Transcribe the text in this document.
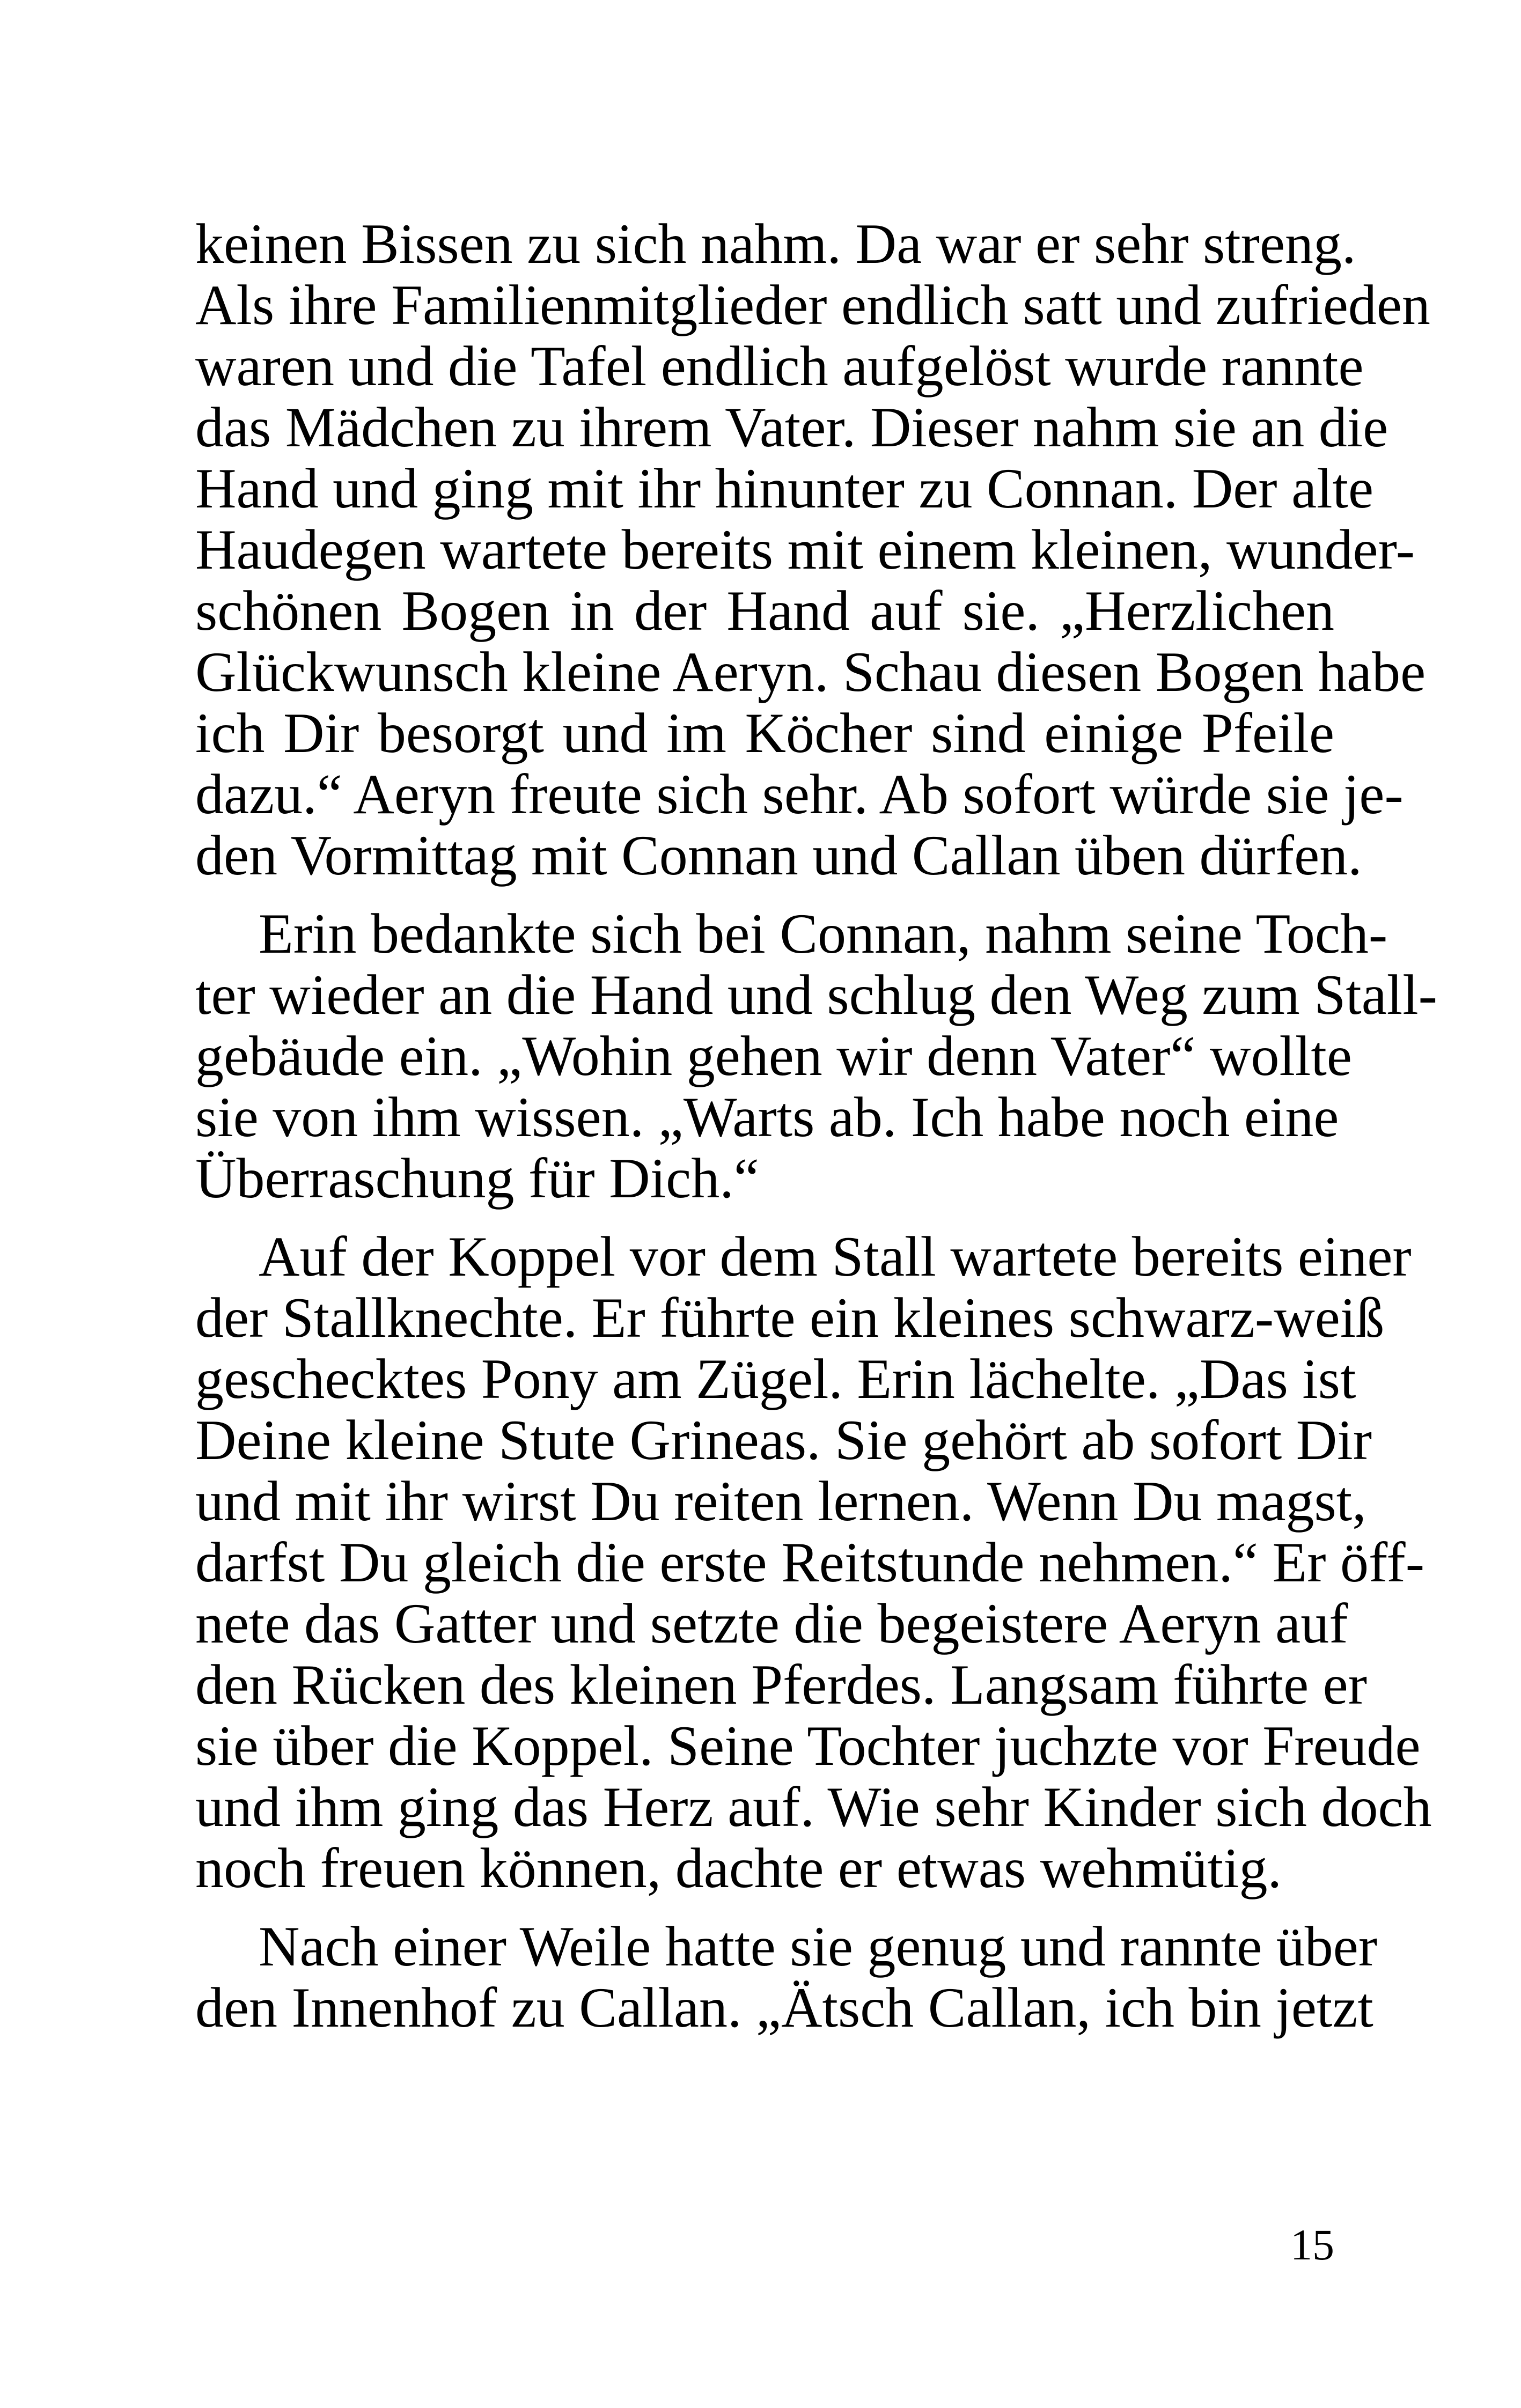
keinen Bissen zu sich nahm. Da war er sehr streng.
Als ihre Familienmitglieder endlich satt und zufrieden
waren und die Tafel endlich aufgelöst wurde rannte
das Mädchen zu ihrem Vater. Dieser nahm sie an die
Hand und ging mit ihr hinunter zu Connan. Der alte
Haudegen wartete bereits mit einem kleinen, wunder-
schönen Bogen in der Hand auf sie. „Herzlichen
Glückwunsch kleine Aeryn. Schau diesen Bogen habe
ich Dir besorgt und im Köcher sind einige Pfeile
dazu.“ Aeryn freute sich sehr. Ab sofort würde sie je-
den Vormittag mit Connan und Callan üben dürfen.
Erin bedankte sich bei Connan, nahm seine Toch-
ter wieder an die Hand und schlug den Weg zum Stall-
gebäude ein. „Wohin gehen wir denn Vater“ wollte
sie von ihm wissen. „Warts ab. Ich habe noch eine
Überraschung für Dich.“
Auf der Koppel vor dem Stall wartete bereits einer
der Stallknechte. Er führte ein kleines schwarz-weiß
geschecktes Pony am Zügel. Erin lächelte. „Das ist
Deine kleine Stute Grineas. Sie gehört ab sofort Dir
und mit ihr wirst Du reiten lernen. Wenn Du magst,
darfst Du gleich die erste Reitstunde nehmen.“ Er öff-
nete das Gatter und setzte die begeistere Aeryn auf
den Rücken des kleinen Pferdes. Langsam führte er
sie über die Koppel. Seine Tochter juchzte vor Freude
und ihm ging das Herz auf. Wie sehr Kinder sich doch
noch freuen können, dachte er etwas wehmütig.
Nach einer Weile hatte sie genug und rannte über
den Innenhof zu Callan. „Ätsch Callan, ich bin jetzt
15
